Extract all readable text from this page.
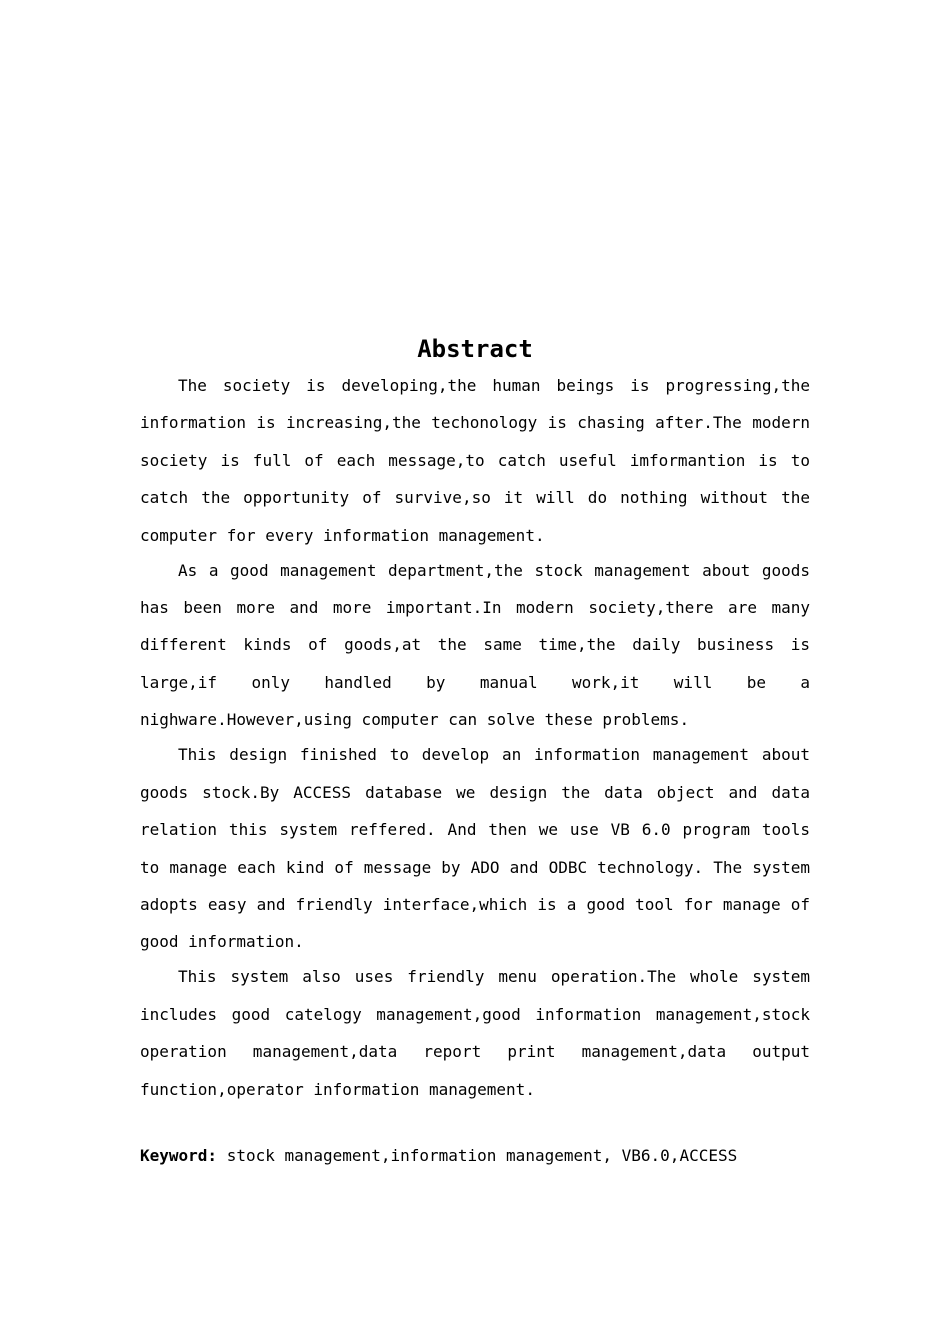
Abstract

The society is developing,the human beings is progressing,the information is increasing,the techonology is chasing after.The modern society is full of each message,to catch useful imformantion is to catch the opportunity of survive,so it will do nothing without the computer for every information management.

As a good management department,the stock management about goods has been more and more important.In modern society,there are many different kinds of goods,at the same time,the daily business is large,if only handled by manual work,it will be a nighware.However,using computer can solve these problems.

This design finished to develop an information management about goods stock.By ACCESS database we design the data object and data relation this system reffered. And then we use VB 6.0 program tools to manage each kind of message by ADO and ODBC technology. The system adopts easy and friendly interface,which is a good tool for manage of good information.

This system also uses friendly menu operation.The whole system includes good catelogy management,good information management,stock operation management,data report print management,data output function,operator information management.

Keyword: stock management,information management, VB6.0,ACCESS
